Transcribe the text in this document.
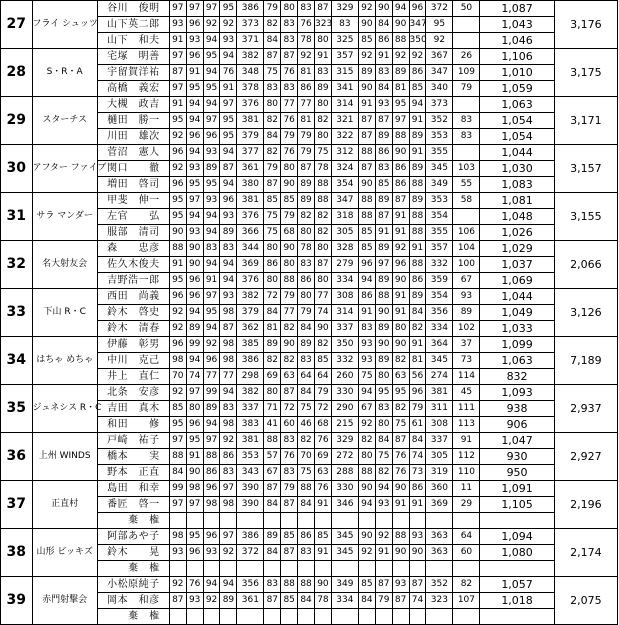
27	フライ シュッツ	谷川　俊明	97	97	97	95	386	79	80	83	87	329	92	90	94	96	372	50	1,087	3,176
		山下英二郎	93	96	92	92	373	82	83	76	323	83	90	84	90	347	95		1,043	
		山下　和夫	91	93	94	93	371	84	83	78	80	325	85	86	88	350	92		1,046	
28	S・R・A	宅塚　明善	97	96	95	94	382	87	87	92	91	357	92	91	92	92	367	26	1,106	3,175
		宇留賀洋祐	87	91	94	76	348	75	76	81	83	315	89	83	89	86	347	109	1,010	
		高橋　義宏	97	95	95	91	378	83	83	86	89	341	90	84	81	85	340	79	1,059	
29	スターチス	大槻　政吉	91	94	94	97	376	80	77	77	80	314	91	93	95	94	373		1,063	3,171
		樋田　勝一	95	94	97	95	381	82	76	81	82	321	87	87	97	91	352	83	1,054	
		川田　雄次	92	96	96	95	379	84	79	79	80	322	87	89	88	89	353	83	1,054	
30	アフター ファイブ	菅沼　憲人	96	94	93	94	377	82	76	79	75	312	88	86	90	91	355		1,044	3,157
		関口　　徹	92	93	89	87	361	79	80	87	78	324	87	83	86	89	345	103	1,030	
		増田　啓司	96	95	95	94	380	87	90	89	88	354	90	85	86	88	349	55	1,083	
31	サラ マンダー	甲斐　伸一	95	97	93	96	381	85	85	89	88	347	88	89	87	89	353	58	1,081	3,155
		左官　　弘	95	94	94	93	376	75	79	82	82	318	88	87	91	88	354		1,048	
		服部　清司	90	93	94	89	366	75	68	80	82	305	85	91	91	88	355	106	1,026	
32	名大射友会	森　　忠彦	88	90	83	83	344	80	90	78	80	328	85	89	92	91	357	104	1,029	2,066
		佐久木俊夫	91	90	94	94	369	86	80	83	87	279	96	97	96	88	332	100	1,037	
		吉野浩一郎	95	96	91	94	376	80	88	86	80	334	94	89	90	86	359	67	1,069	
33	下山 R・C	西田　尚義	96	96	97	93	382	72	79	80	77	308	86	88	91	89	354	93	1,044	3,126
		鈴木　啓史	92	94	95	98	379	84	77	79	74	314	91	90	91	84	356	89	1,049	
		鈴木　清春	92	89	94	87	362	81	82	84	90	337	83	89	80	82	334	102	1,033	
34	はちゃ めちゃ	伊藤　彰男	96	99	92	98	385	89	90	89	82	350	93	90	90	91	364	37	1,099	7,189
		中川　克己	98	94	96	98	386	82	82	83	85	332	93	89	82	81	345	73	1,063	
		井上　直仁	70	74	77	77	298	69	63	64	64	260	75	80	63	56	274	114	832	
35	ジュネシス R・C	北条　安彦	92	97	99	94	382	80	87	84	79	330	94	95	95	96	381	45	1,093	2,937
		吉田　真木	85	80	89	83	337	71	72	75	72	290	67	83	82	79	311	111	938	
		和田　　修	95	96	94	98	383	41	60	46	68	215	92	80	75	61	308	113	906	
36	上州 WINDS	戸崎　祐子	97	95	97	92	381	88	83	82	76	329	82	84	87	84	337	91	1,047	2,927
		橋本　　実	88	91	88	86	353	57	76	70	69	272	80	75	76	74	305	112	930	
		野本　正直	84	90	86	83	343	67	83	75	63	288	88	82	76	73	319	110	950	
37	正直村	島田　和幸	99	98	96	97	390	87	79	88	76	330	90	94	90	86	360	11	1,091	2,196
		番匠　啓一	97	97	98	98	390	84	87	84	91	346	94	93	91	91	369	29	1,105	
		　　棄　権																		
38	山形 ビッキズ	阿部あや子	98	95	96	97	386	89	85	86	85	345	90	92	88	93	363	64	1,094	2,174
		鈴木　　晃	93	96	93	92	372	84	87	83	91	345	92	91	90	90	363	60	1,080	
		　　棄　権																		
39	赤門射撃会	小松原純子	92	76	94	94	356	83	88	88	90	349	85	87	93	87	352	82	1,057	2,075
		岡本　和彦	87	93	92	89	361	87	85	84	78	334	84	79	87	74	323	107	1,018	
		　　棄　権																		
